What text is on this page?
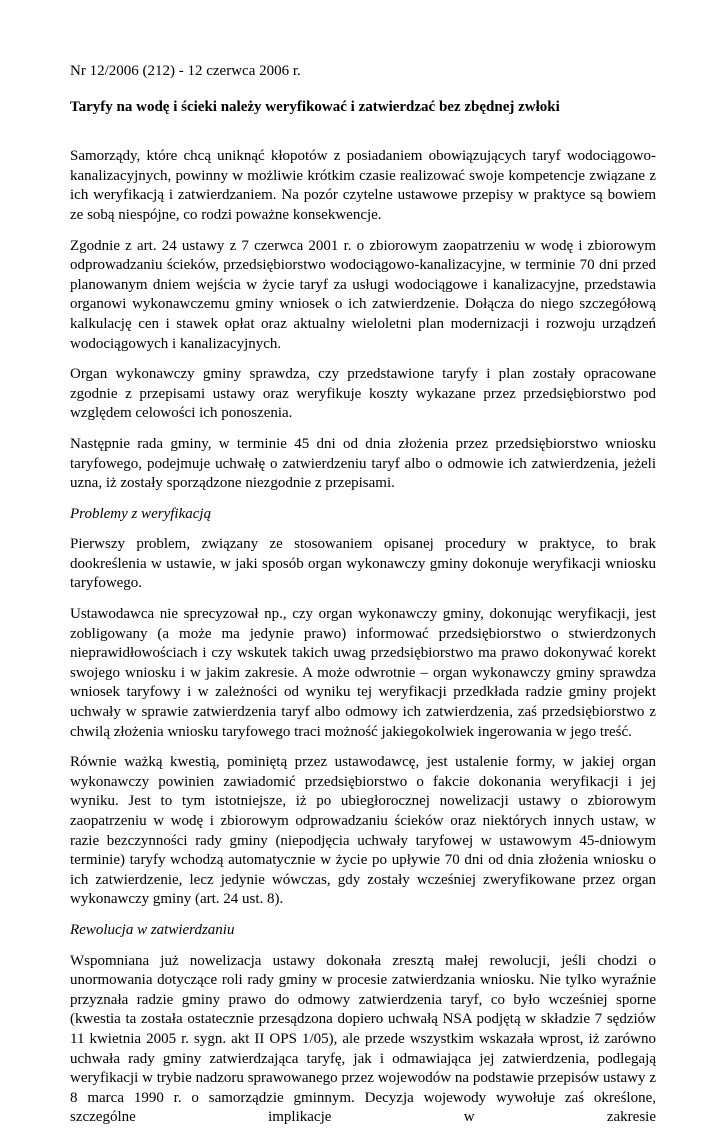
Nr 12/2006 (212) - 12 czerwca 2006 r.

Taryfy na wodę i ścieki należy weryfikować i zatwierdzać bez zbędnej zwłoki

Samorządy, które chcą uniknąć kłopotów z posiadaniem obowiązujących taryf wodociągowo-kanalizacyjnych, powinny w możliwie krótkim czasie realizować swoje kompetencje związane z ich weryfikacją i zatwierdzaniem. Na pozór czytelne ustawowe przepisy w praktyce są bowiem ze sobą niespójne, co rodzi poważne konsekwencje.

Zgodnie z art. 24 ustawy z 7 czerwca 2001 r. o zbiorowym zaopatrzeniu w wodę i zbiorowym odprowadzaniu ścieków, przedsiębiorstwo wodociągowo-kanalizacyjne, w terminie 70 dni przed planowanym dniem wejścia w życie taryf za usługi wodociągowe i kanalizacyjne, przedstawia organowi wykonawczemu gminy wniosek o ich zatwierdzenie. Dołącza do niego szczegółową kalkulację cen i stawek opłat oraz aktualny wieloletni plan modernizacji i rozwoju urządzeń wodociągowych i kanalizacyjnych.

Organ wykonawczy gminy sprawdza, czy przedstawione taryfy i plan zostały opracowane zgodnie z przepisami ustawy oraz weryfikuje koszty wykazane przez przedsiębiorstwo pod względem celowości ich ponoszenia.

Następnie rada gminy, w terminie 45 dni od dnia złożenia przez przedsiębiorstwo wniosku taryfowego, podejmuje uchwałę o zatwierdzeniu taryf albo o odmowie ich zatwierdzenia, jeżeli uzna, iż zostały sporządzone niezgodnie z przepisami.

Problemy z weryfikacją

Pierwszy problem, związany ze stosowaniem opisanej procedury w praktyce, to brak dookreślenia w ustawie, w jaki sposób organ wykonawczy gminy dokonuje weryfikacji wniosku taryfowego.

Ustawodawca nie sprecyzował np., czy organ wykonawczy gminy, dokonując weryfikacji, jest zobligowany (a może ma jedynie prawo) informować przedsiębiorstwo o stwierdzonych nieprawidłowościach i czy wskutek takich uwag przedsiębiorstwo ma prawo dokonywać korekt swojego wniosku i w jakim zakresie. A może odwrotnie – organ wykonawczy gminy sprawdza wniosek taryfowy i w zależności od wyniku tej weryfikacji przedkłada radzie gminy projekt uchwały w sprawie zatwierdzenia taryf albo odmowy ich zatwierdzenia, zaś przedsiębiorstwo z chwilą złożenia wniosku taryfowego traci możność jakiegokolwiek ingerowania w jego treść.

Równie ważką kwestią, pominiętą przez ustawodawcę, jest ustalenie formy, w jakiej organ wykonawczy powinien zawiadomić przedsiębiorstwo o fakcie dokonania weryfikacji i jej wyniku. Jest to tym istotniejsze, iż po ubiegłorocznej nowelizacji ustawy o zbiorowym zaopatrzeniu w wodę i zbiorowym odprowadzaniu ścieków oraz niektórych innych ustaw, w razie bezczynności rady gminy (niepodjęcia uchwały taryfowej w ustawowym 45-dniowym terminie) taryfy wchodzą automatycznie w życie po upływie 70 dni od dnia złożenia wniosku o ich zatwierdzenie, lecz jedynie wówczas, gdy zostały wcześniej zweryfikowane przez organ wykonawczy gminy (art. 24 ust. 8).

Rewolucja w zatwierdzaniu

Wspomniana już nowelizacja ustawy dokonała zresztą małej rewolucji, jeśli chodzi o unormowania dotyczące roli rady gminy w procesie zatwierdzania wniosku. Nie tylko wyraźnie przyznała radzie gminy prawo do odmowy zatwierdzenia taryf, co było wcześniej sporne (kwestia ta została ostatecznie przesądzona dopiero uchwałą NSA podjętą w składzie 7 sędziów 11 kwietnia 2005 r. sygn. akt II OPS 1/05), ale przede wszystkim wskazała wprost, iż zarówno uchwała rady gminy zatwierdzająca taryfę, jak i odmawiająca jej zatwierdzenia, podlegają weryfikacji w trybie nadzoru sprawowanego przez wojewodów na podstawie przepisów ustawy z 8 marca 1990 r. o samorządzie gminnym. Decyzja wojewody wywołuje zaś określone, szczególne implikacje w zakresie
